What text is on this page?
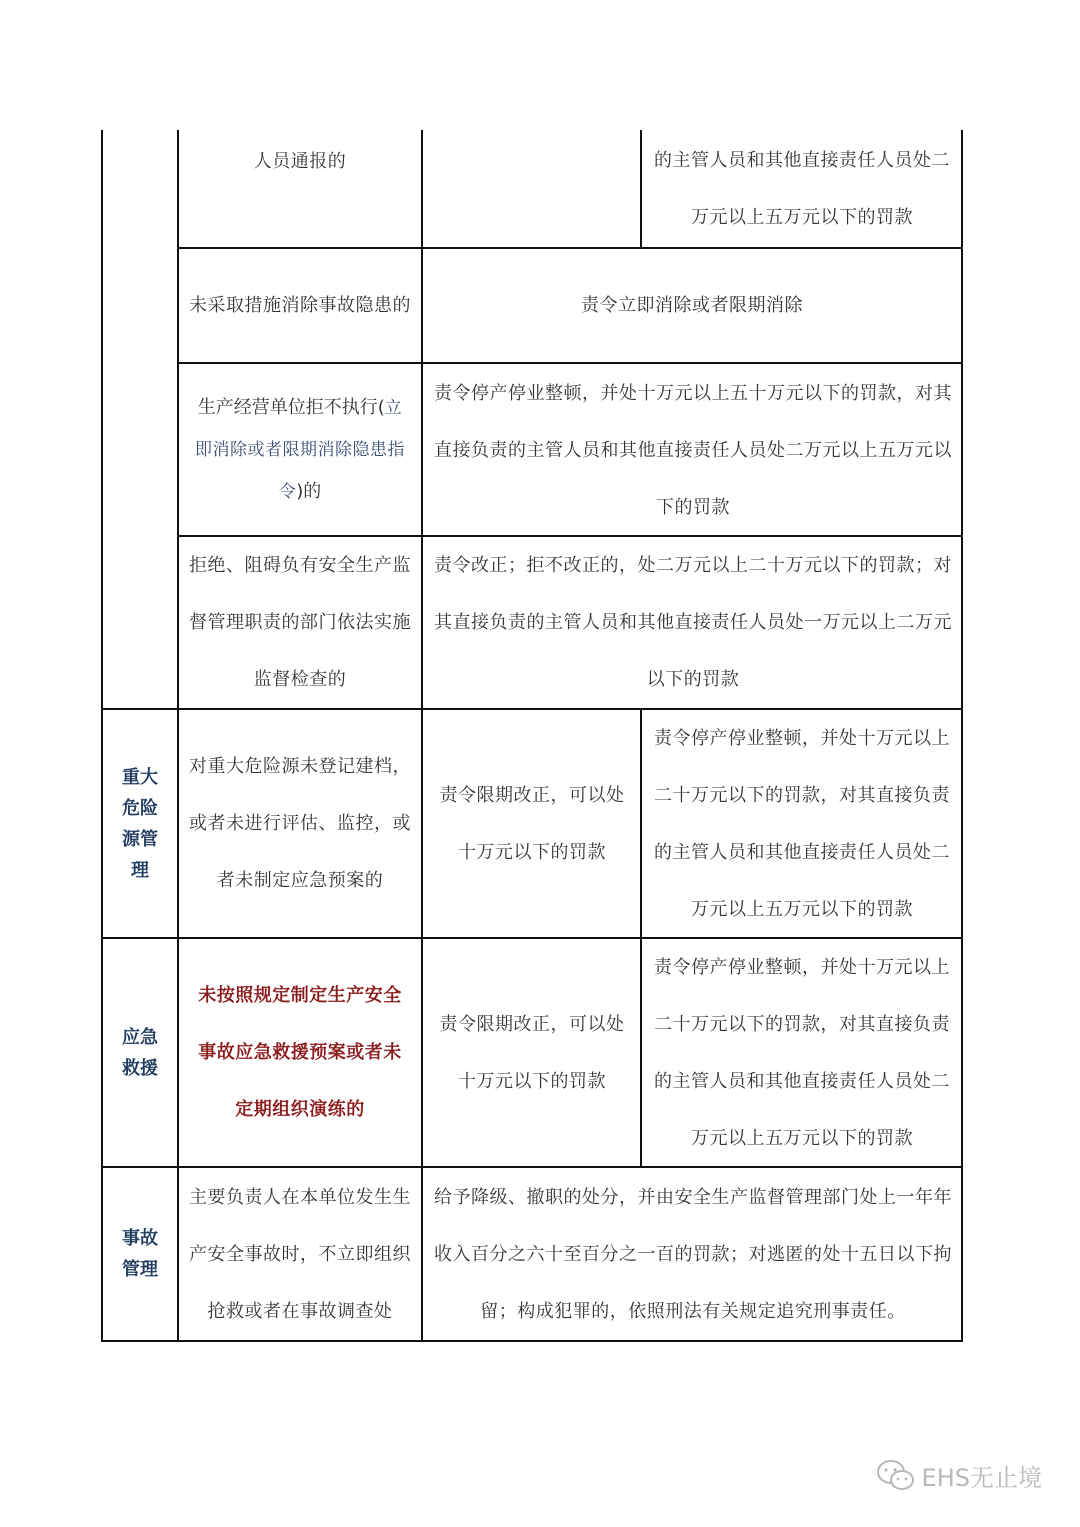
人员通报的	的主管人员和其他直接责任人员处二万元以上五万元以下的罚款
未采取措施消除事故隐患的	责令立即消除或者限期消除
生产经营单位拒不执行(立即消除或者限期消除隐患指令)的
责令停产停业整顿，并处十万元以上五十万元以下的罚款，对其直接负责的主管人员和其他直接责任人员处二万元以上五万元以下的罚款
拒绝、阻碍负有安全生产监督管理职责的部门依法实施监督检查的
责令改正；拒不改正的，处二万元以上二十万元以下的罚款；对其直接负责的主管人员和其他直接责任人员处一万元以上二万元以下的罚款
重大危险源管理
对重大危险源未登记建档，或者未进行评估、监控，或者未制定应急预案的
责令限期改正，可以处十万元以下的罚款
责令停产停业整顿，并处十万元以上二十万元以下的罚款，对其直接负责的主管人员和其他直接责任人员处二万元以上五万元以下的罚款
应急救援
未按照规定制定生产安全事故应急救援预案或者未定期组织演练的
责令限期改正，可以处十万元以下的罚款
责令停产停业整顿，并处十万元以上二十万元以下的罚款，对其直接负责的主管人员和其他直接责任人员处二万元以上五万元以下的罚款
事故管理
主要负责人在本单位发生生产安全事故时，不立即组织抢救或者在事故调查处
给予降级、撤职的处分，并由安全生产监督管理部门处上一年年收入百分之六十至百分之一百的罚款；对逃匿的处十五日以下拘留；构成犯罪的，依照刑法有关规定追究刑事责任。
EHS无止境
